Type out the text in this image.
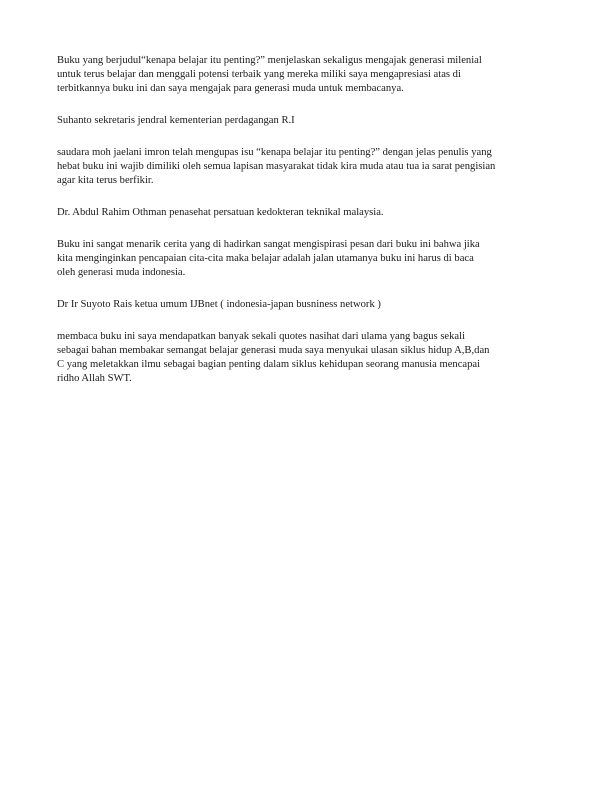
Buku yang berjudul“kenapa belajar itu penting?” menjelaskan sekaligus mengajak generasi milenial
untuk terus belajar dan menggali potensi terbaik yang mereka miliki saya mengapresiasi atas di
terbitkannya buku ini dan saya mengajak para generasi muda untuk membacanya.
Suhanto sekretaris jendral kementerian perdagangan R.I
saudara moh jaelani imron telah mengupas isu “kenapa belajar itu penting?” dengan jelas penulis yang
hebat buku ini wajib dimiliki oleh semua lapisan masyarakat tidak kira muda atau tua ia sarat pengisian
agar kita terus berfikir.
Dr. Abdul Rahim Othman penasehat persatuan kedokteran teknikal malaysia.
Buku ini sangat menarik cerita yang di hadirkan sangat mengispirasi pesan dari buku ini bahwa jika
kita menginginkan pencapaian cita-cita maka belajar adalah jalan utamanya buku ini harus di baca
oleh generasi muda indonesia.
Dr Ir Suyoto Rais ketua umum IJBnet ( indonesia-japan busniness network )
membaca buku ini saya mendapatkan banyak sekali quotes nasihat dari ulama yang bagus sekali
sebagai bahan membakar semangat belajar generasi muda saya menyukai ulasan siklus hidup A,B,dan
C yang meletakkan ilmu sebagai bagian penting dalam siklus kehidupan seorang manusia mencapai
ridho Allah SWT.
